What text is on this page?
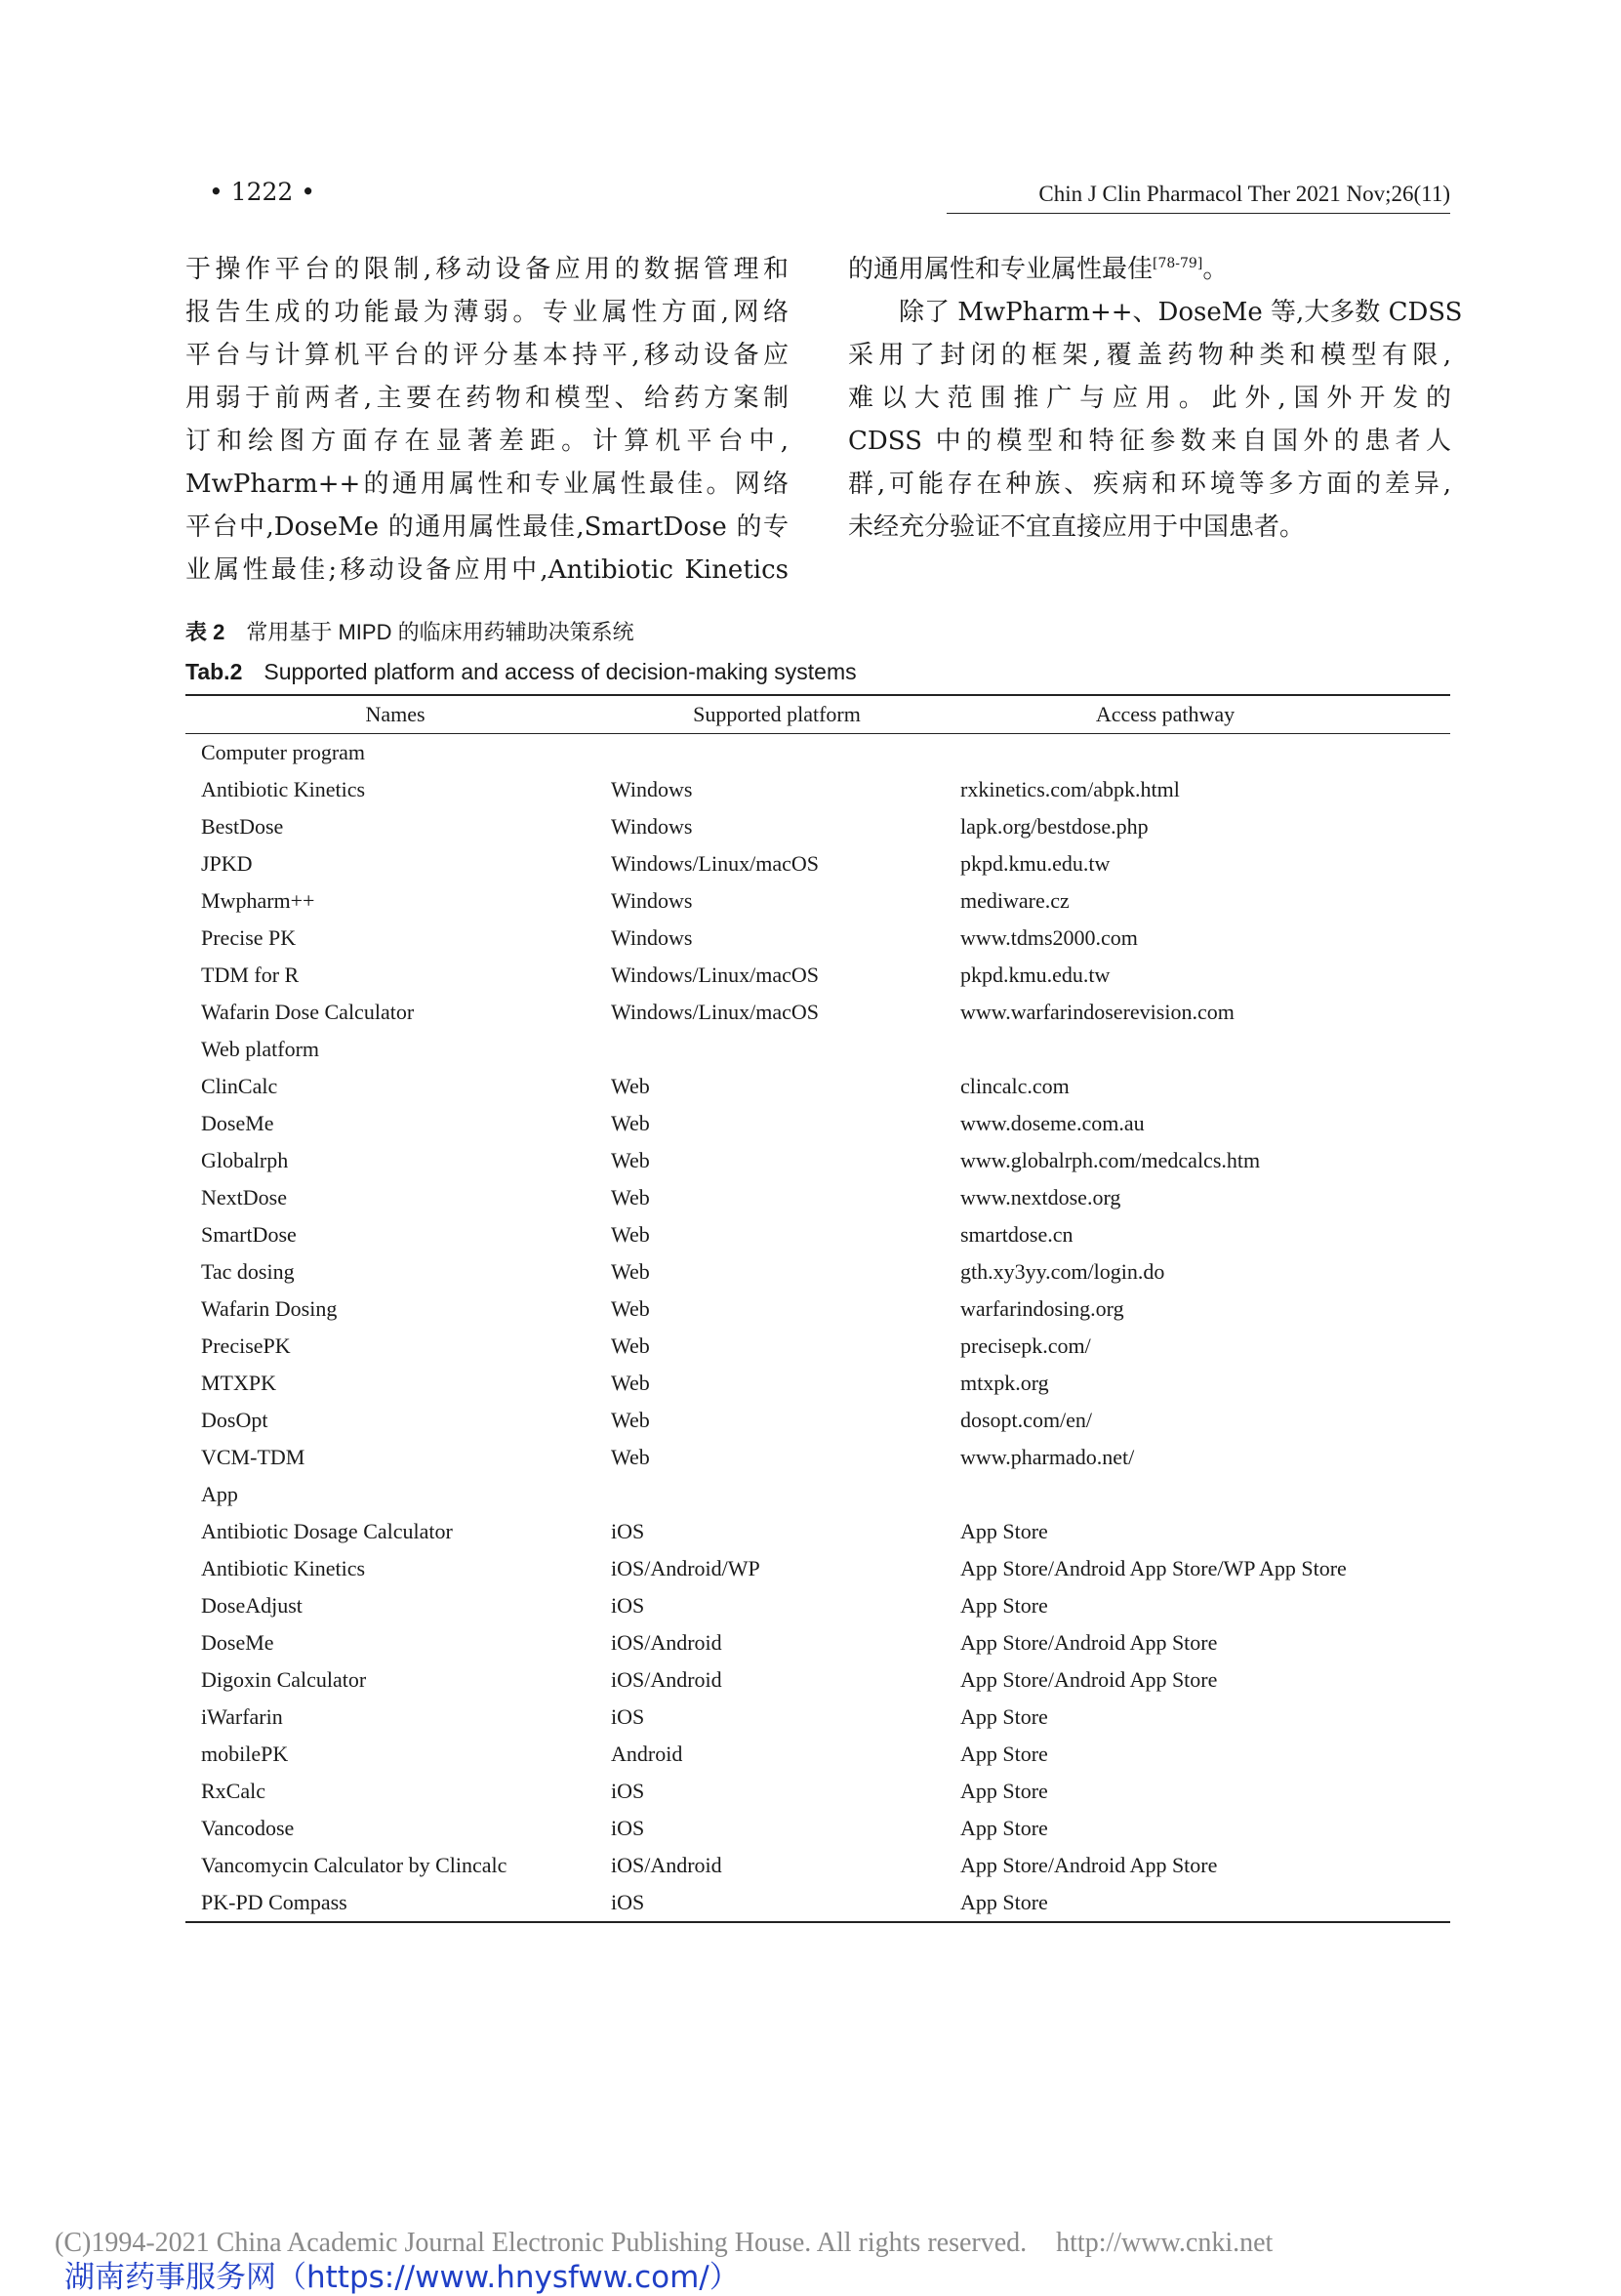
• 1222 •	Chin J Clin Pharmacol Ther 2021 Nov;26(11)
于操作平台的限制,移动设备应用的数据管理和
报告生成的功能最为薄弱。专业属性方面,网络
平台与计算机平台的评分基本持平,移动设备应
用弱于前两者,主要在药物和模型、给药方案制
订和绘图方面存在显著差距。计算机平台中,
MwPharm++的通用属性和专业属性最佳。网络
平台中,DoseMe 的通用属性最佳,SmartDose 的专
业属性最佳;移动设备应用中,Antibiotic Kinetics
的通用属性和专业属性最佳[78-79]。
除了 MwPharm++、DoseMe 等,大多数 CDSS
采用了封闭的框架,覆盖药物种类和模型有限,
难以大范围推广与应用。此外,国外开发的
CDSS 中的模型和特征参数来自国外的患者人
群,可能存在种族、疾病和环境等多方面的差异,
未经充分验证不宜直接应用于中国患者。
表 2 常用基于 MIPD 的临床用药辅助决策系统
Tab.2 Supported platform and access of decision-making systems
Names	Supported platform	Access pathway
Computer program		
Antibiotic Kinetics	Windows	rxkinetics.com/abpk.html
BestDose	Windows	lapk.org/bestdose.php
JPKD	Windows/Linux/macOS	pkpd.kmu.edu.tw
Mwpharm++	Windows	mediware.cz
Precise PK	Windows	www.tdms2000.com
TDM for R	Windows/Linux/macOS	pkpd.kmu.edu.tw
Wafarin Dose Calculator	Windows/Linux/macOS	www.warfarindoserevision.com
Web platform		
ClinCalc	Web	clincalc.com
DoseMe	Web	www.doseme.com.au
Globalrph	Web	www.globalrph.com/medcalcs.htm
NextDose	Web	www.nextdose.org
SmartDose	Web	smartdose.cn
Tac dosing	Web	gth.xy3yy.com/login.do
Wafarin Dosing	Web	warfarindosing.org
PrecisePK	Web	precisepk.com/
MTXPK	Web	mtxpk.org
DosOpt	Web	dosopt.com/en/
VCM-TDM	Web	www.pharmado.net/
App		
Antibiotic Dosage Calculator	iOS	App Store
Antibiotic Kinetics	iOS/Android/WP	App Store/Android App Store/WP App Store
DoseAdjust	iOS	App Store
DoseMe	iOS/Android	App Store/Android App Store
Digoxin Calculator	iOS/Android	App Store/Android App Store
iWarfarin	iOS	App Store
mobilePK	Android	App Store
RxCalc	iOS	App Store
Vancodose	iOS	App Store
Vancomycin Calculator by Clincalc	iOS/Android	App Store/Android App Store
PK-PD Compass	iOS	App Store
(C)1994-2021 China Academic Journal Electronic Publishing House. All rights reserved. http://www.cnki.net
湖南药事服务网（https://www.hnysfww.com/）
